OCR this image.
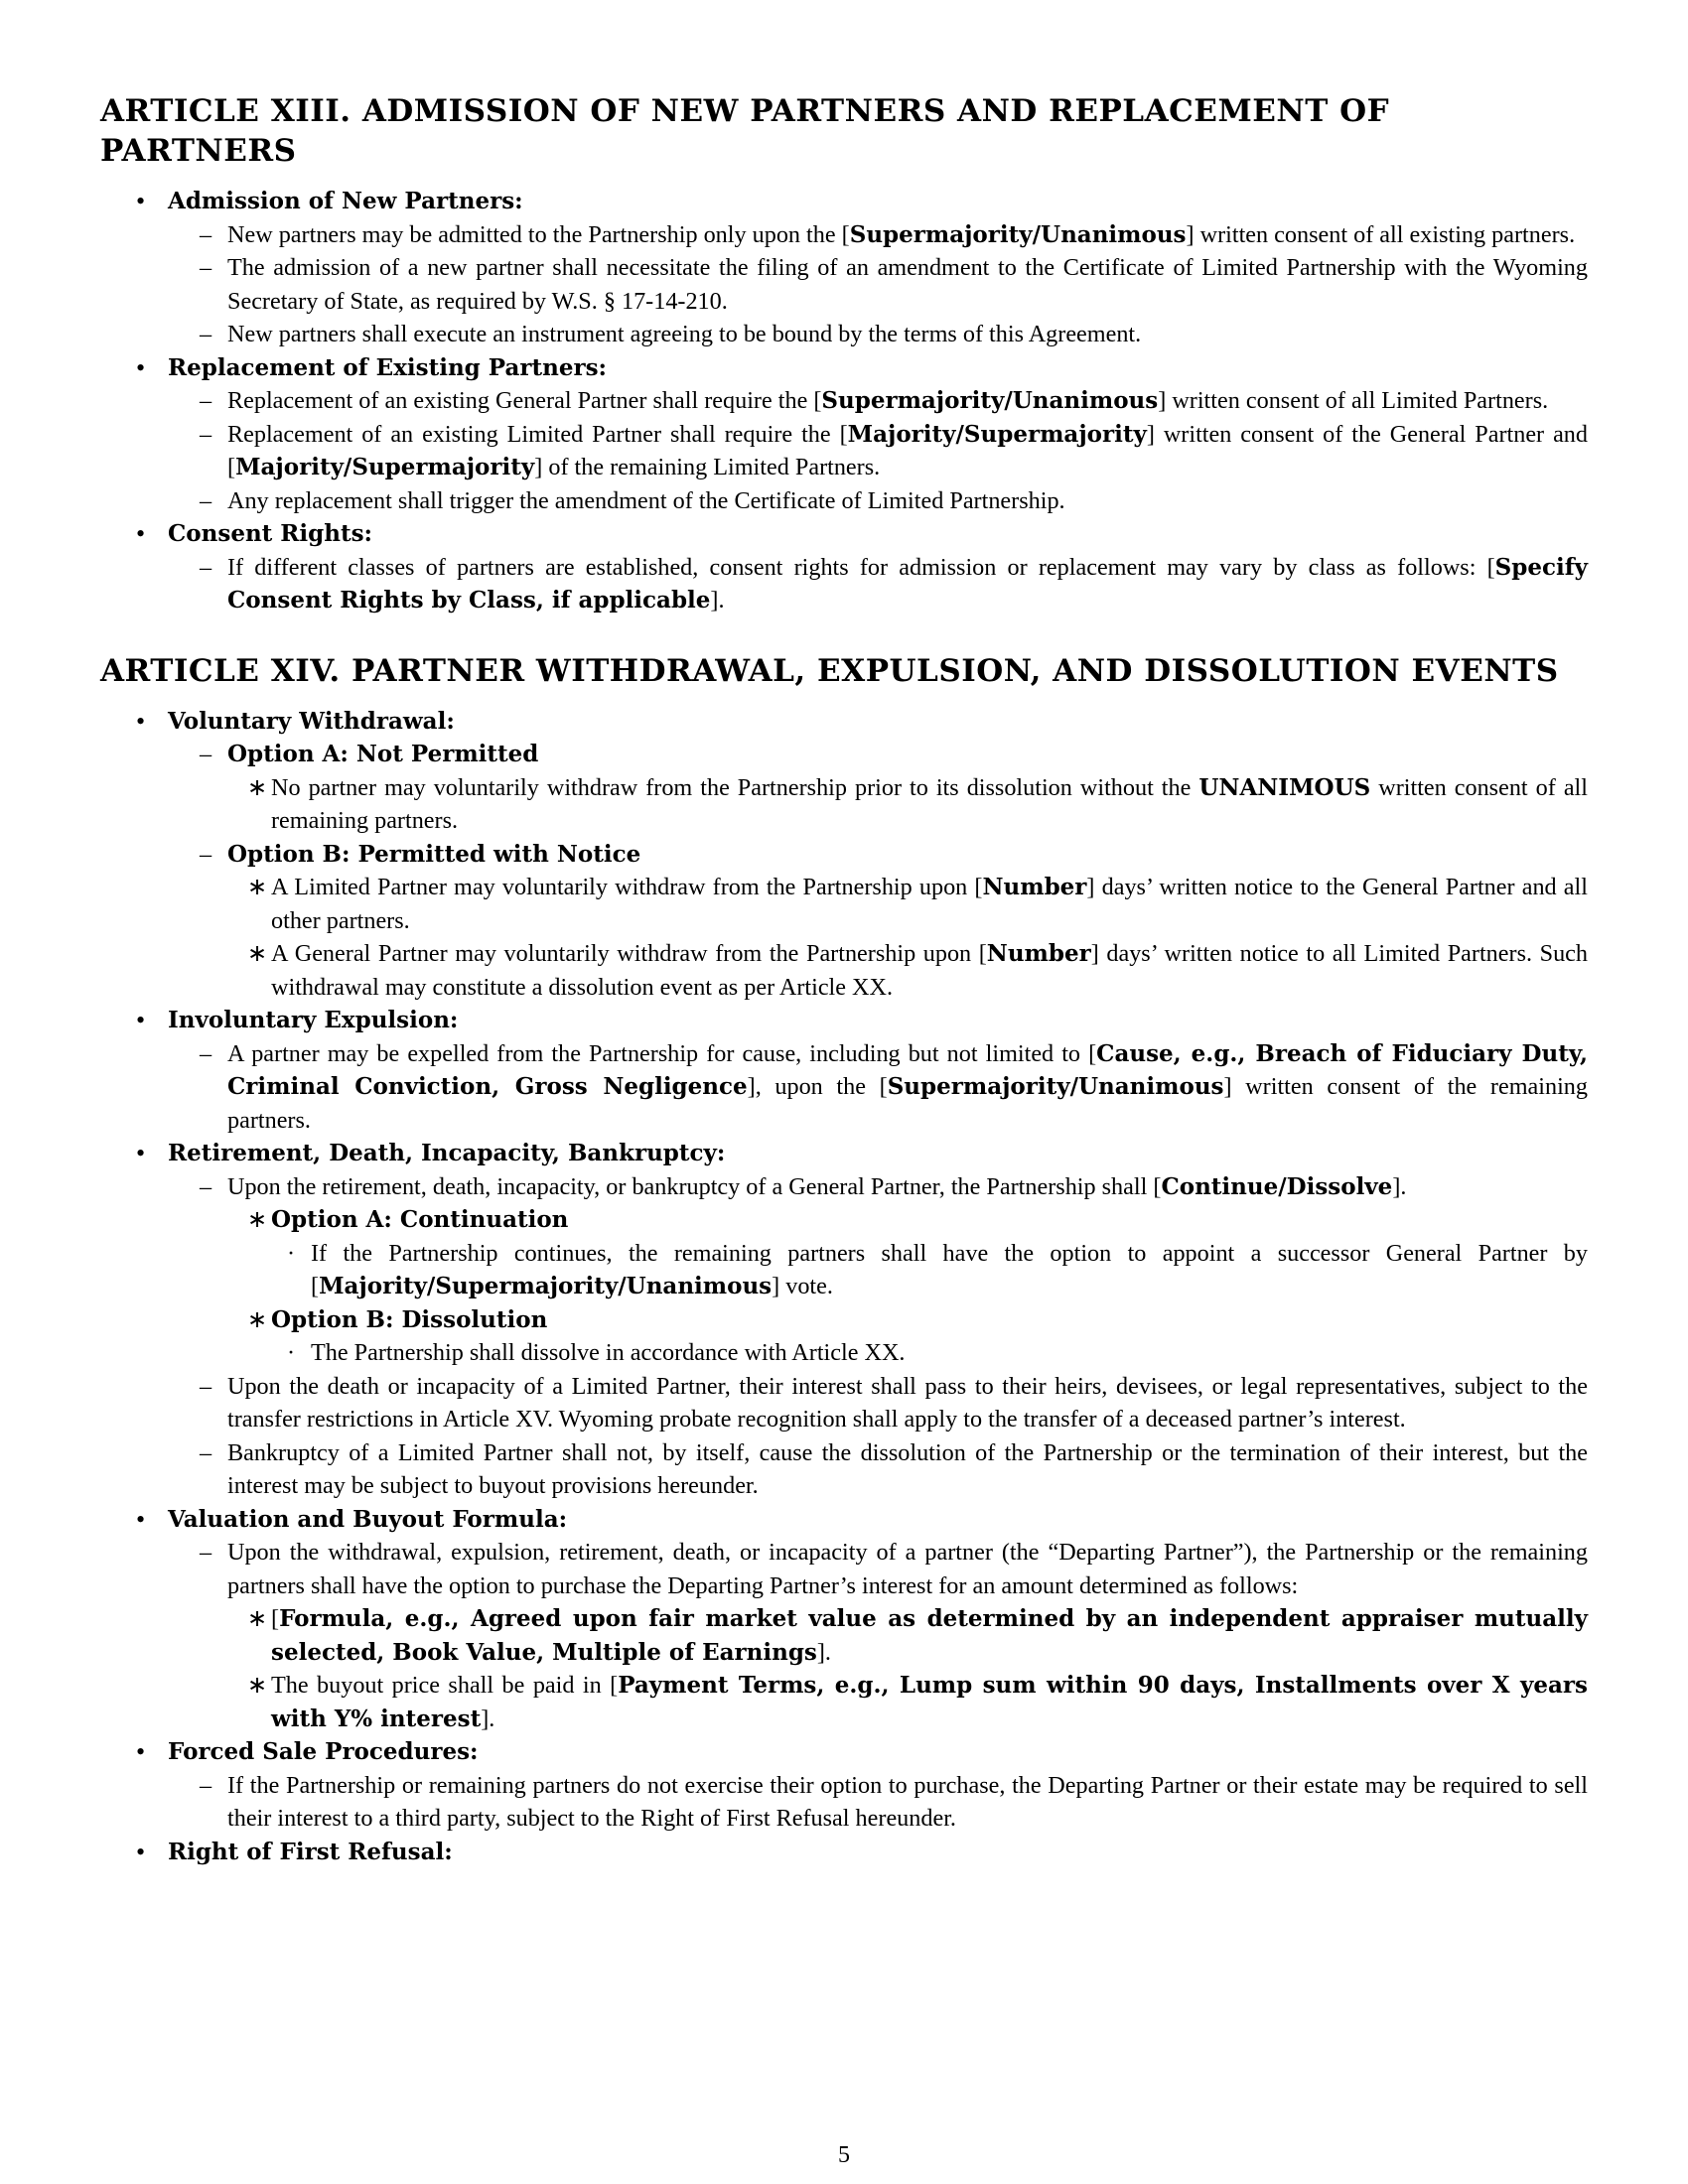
ARTICLE XIII. ADMISSION OF NEW PARTNERS AND REPLACEMENT OF PARTNERS
• Admission of New Partners:
– New partners may be admitted to the Partnership only upon the [Supermajority/Unanimous] written consent of all existing partners.
– The admission of a new partner shall necessitate the filing of an amendment to the Certificate of Limited Partnership with the Wyoming Secretary of State, as required by W.S. § 17-14-210.
– New partners shall execute an instrument agreeing to be bound by the terms of this Agreement.
• Replacement of Existing Partners:
– Replacement of an existing General Partner shall require the [Supermajority/Unanimous] written consent of all Limited Partners.
– Replacement of an existing Limited Partner shall require the [Majority/Supermajority] written consent of the General Partner and [Majority/Supermajority] of the remaining Limited Partners.
– Any replacement shall trigger the amendment of the Certificate of Limited Partnership.
• Consent Rights:
– If different classes of partners are established, consent rights for admission or replacement may vary by class as follows: [Specify Consent Rights by Class, if applicable].
ARTICLE XIV. PARTNER WITHDRAWAL, EXPULSION, AND DISSOLUTION EVENTS
• Voluntary Withdrawal:
– Option A: Not Permitted
∗ No partner may voluntarily withdraw from the Partnership prior to its dissolution without the UNANIMOUS written consent of all remaining partners.
– Option B: Permitted with Notice
∗ A Limited Partner may voluntarily withdraw from the Partnership upon [Number] days’ written notice to the General Partner and all other partners.
∗ A General Partner may voluntarily withdraw from the Partnership upon [Number] days’ written notice to all Limited Partners. Such withdrawal may constitute a dissolution event as per Article XX.
• Involuntary Expulsion:
– A partner may be expelled from the Partnership for cause, including but not limited to [Cause, e.g., Breach of Fiduciary Duty, Criminal Conviction, Gross Negligence], upon the [Supermajority/Unanimous] written consent of the remaining partners.
• Retirement, Death, Incapacity, Bankruptcy:
– Upon the retirement, death, incapacity, or bankruptcy of a General Partner, the Partnership shall [Continue/Dissolve].
∗ Option A: Continuation
· If the Partnership continues, the remaining partners shall have the option to appoint a successor General Partner by [Majority/Supermajority/Unanimous] vote.
∗ Option B: Dissolution
· The Partnership shall dissolve in accordance with Article XX.
– Upon the death or incapacity of a Limited Partner, their interest shall pass to their heirs, devisees, or legal representatives, subject to the transfer restrictions in Article XV. Wyoming probate recognition shall apply to the transfer of a deceased partner’s interest.
– Bankruptcy of a Limited Partner shall not, by itself, cause the dissolution of the Partnership or the termination of their interest, but the interest may be subject to buyout provisions hereunder.
• Valuation and Buyout Formula:
– Upon the withdrawal, expulsion, retirement, death, or incapacity of a partner (the “Departing Partner”), the Partnership or the remaining partners shall have the option to purchase the Departing Partner’s interest for an amount determined as follows:
∗ [Formula, e.g., Agreed upon fair market value as determined by an independent appraiser mutually selected, Book Value, Multiple of Earnings].
∗ The buyout price shall be paid in [Payment Terms, e.g., Lump sum within 90 days, Installments over X years with Y% interest].
• Forced Sale Procedures:
– If the Partnership or remaining partners do not exercise their option to purchase, the Departing Partner or their estate may be required to sell their interest to a third party, subject to the Right of First Refusal hereunder.
• Right of First Refusal:
5
